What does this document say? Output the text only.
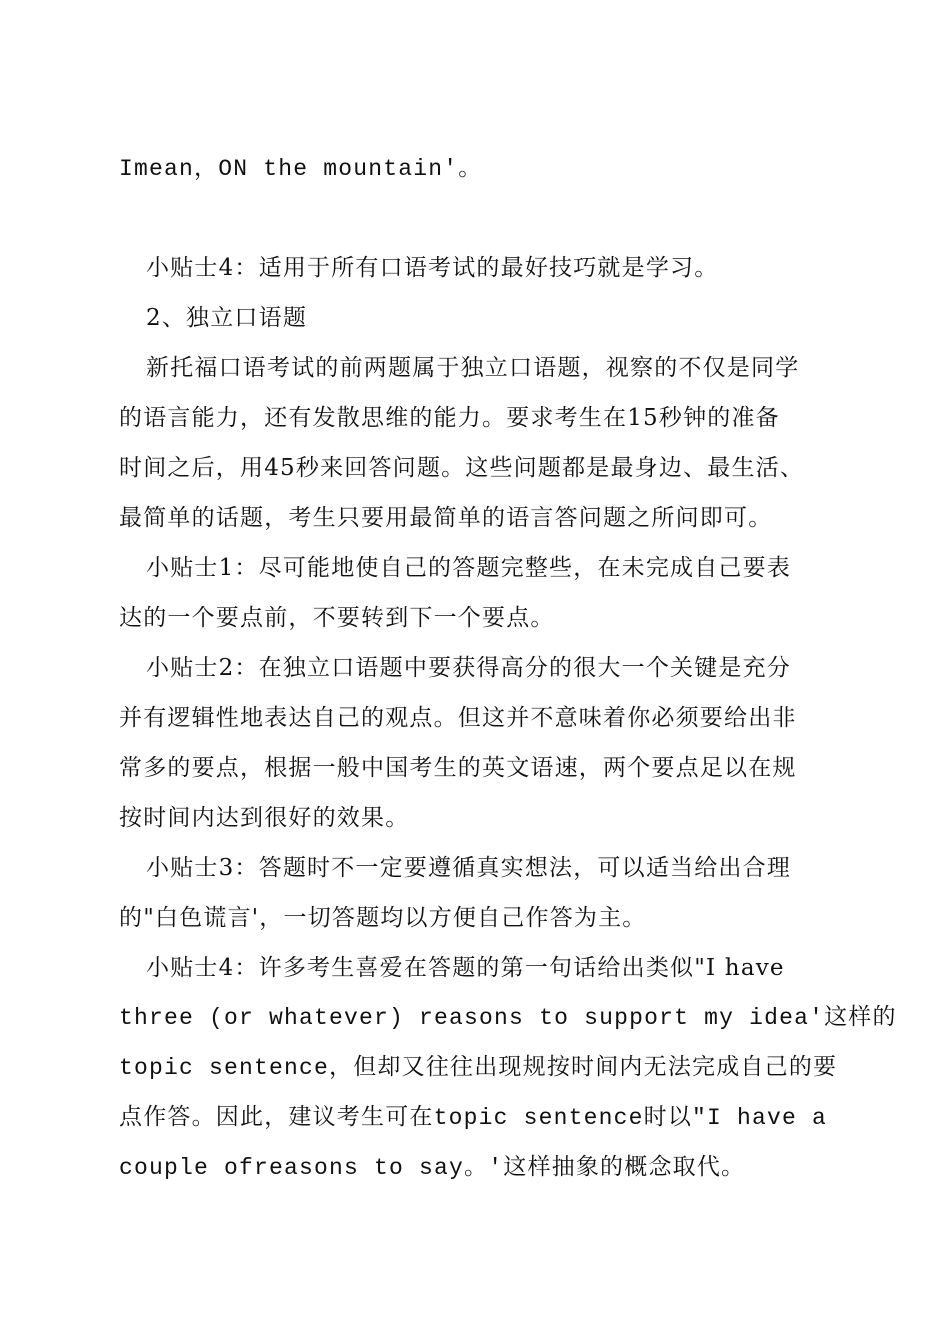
Imean，ON the mountain'。
小贴士4：适用于所有口语考试的最好技巧就是学习。
2、独立口语题
新托福口语考试的前两题属于独立口语题，视察的不仅是同学
的语言能力，还有发散思维的能力。要求考生在15秒钟的准备
时间之后，用45秒来回答问题。这些问题都是最身边、最生活、
最简单的话题，考生只要用最简单的语言答问题之所问即可。
小贴士1：尽可能地使自己的答题完整些，在未完成自己要表
达的一个要点前，不要转到下一个要点。
小贴士2：在独立口语题中要获得高分的很大一个关键是充分
并有逻辑性地表达自己的观点。但这并不意味着你必须要给出非
常多的要点，根据一般中国考生的英文语速，两个要点足以在规
按时间内达到很好的效果。
小贴士3：答题时不一定要遵循真实想法，可以适当给出合理
的"白色谎言'，一切答题均以方便自己作答为主。
小贴士4：许多考生喜爱在答题的第一句话给出类似"I have
three (or whatever) reasons to support my idea'这样的
topic sentence，但却又往往出现规按时间内无法完成自己的要
点作答。因此，建议考生可在topic sentence时以"I have a
couple ofreasons to say。'这样抽象的概念取代。
